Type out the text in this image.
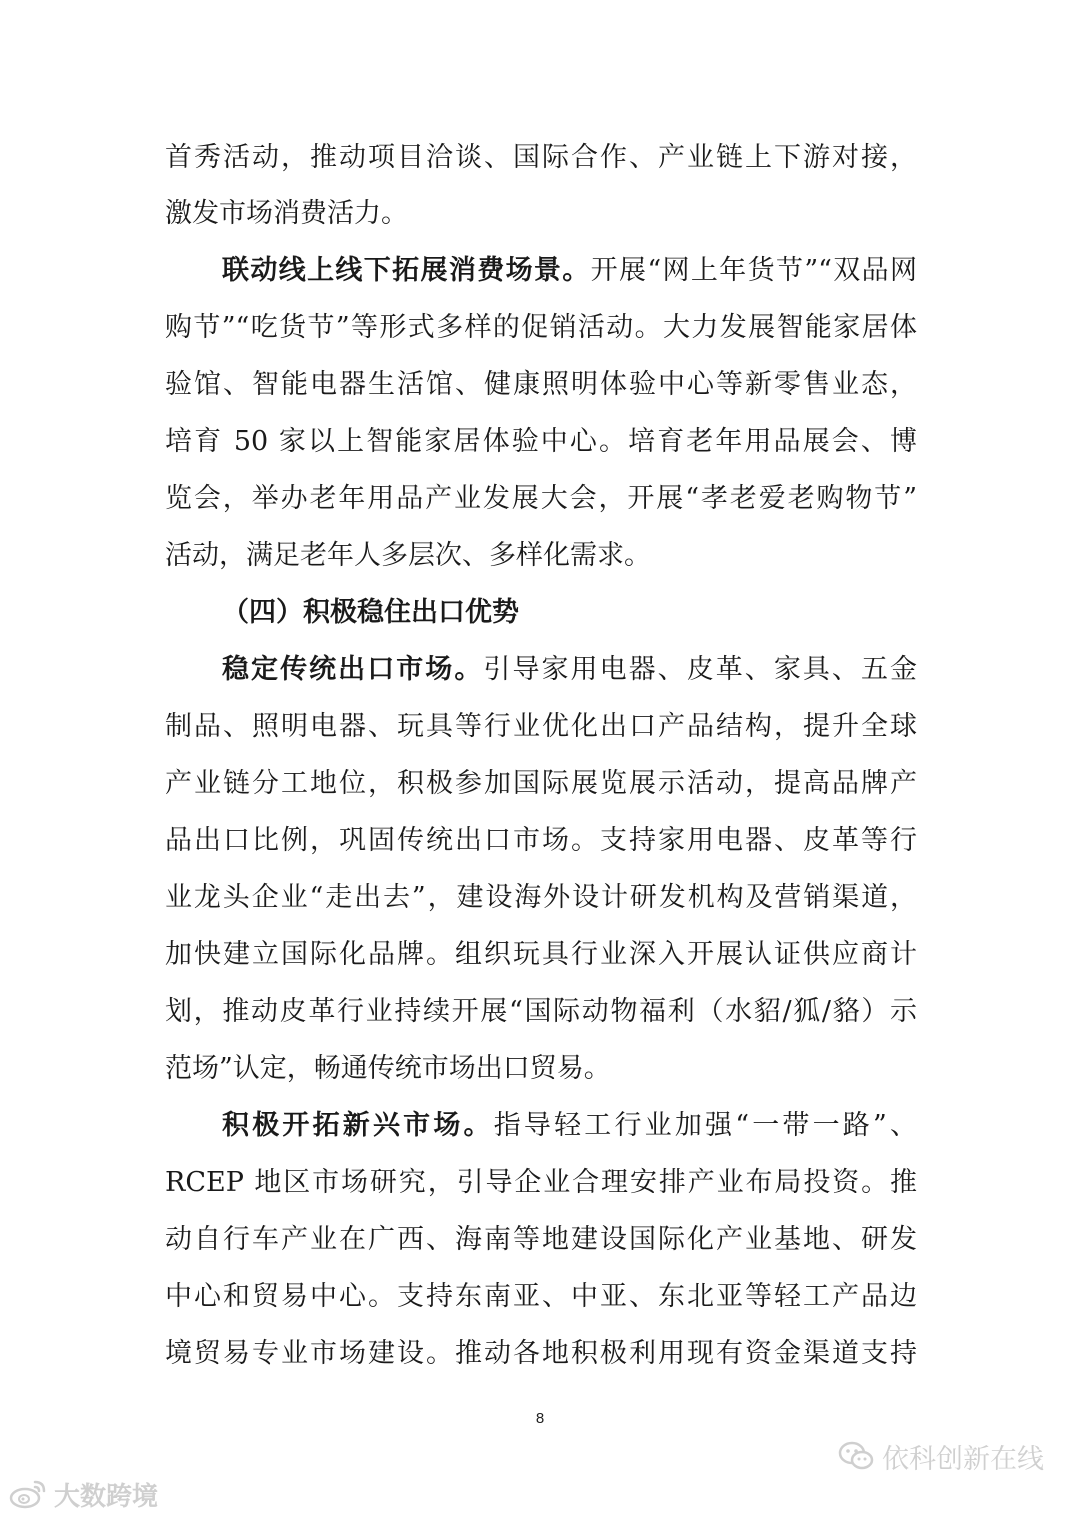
首秀活动，推动项目洽谈、国际合作、产业链上下游对接，
激发市场消费活力。
联动线上线下拓展消费场景。开展“网上年货节”“双品网
购节”“吃货节”等形式多样的促销活动。大力发展智能家居体
验馆、智能电器生活馆、健康照明体验中心等新零售业态，
培育 50 家以上智能家居体验中心。培育老年用品展会、博
览会，举办老年用品产业发展大会，开展“孝老爱老购物节”
活动，满足老年人多层次、多样化需求。
（四）积极稳住出口优势
稳定传统出口市场。引导家用电器、皮革、家具、五金
制品、照明电器、玩具等行业优化出口产品结构，提升全球
产业链分工地位，积极参加国际展览展示活动，提高品牌产
品出口比例，巩固传统出口市场。支持家用电器、皮革等行
业龙头企业“走出去”，建设海外设计研发机构及营销渠道，
加快建立国际化品牌。组织玩具行业深入开展认证供应商计
划，推动皮革行业持续开展“国际动物福利（水貂/狐/貉）示
范场”认定，畅通传统市场出口贸易。
积极开拓新兴市场。指导轻工行业加强“一带一路”、
RCEP 地区市场研究，引导企业合理安排产业布局投资。推
动自行车产业在广西、海南等地建设国际化产业基地、研发
中心和贸易中心。支持东南亚、中亚、东北亚等轻工产品边
境贸易专业市场建设。推动各地积极利用现有资金渠道支持
8
依科创新在线
大数跨境
